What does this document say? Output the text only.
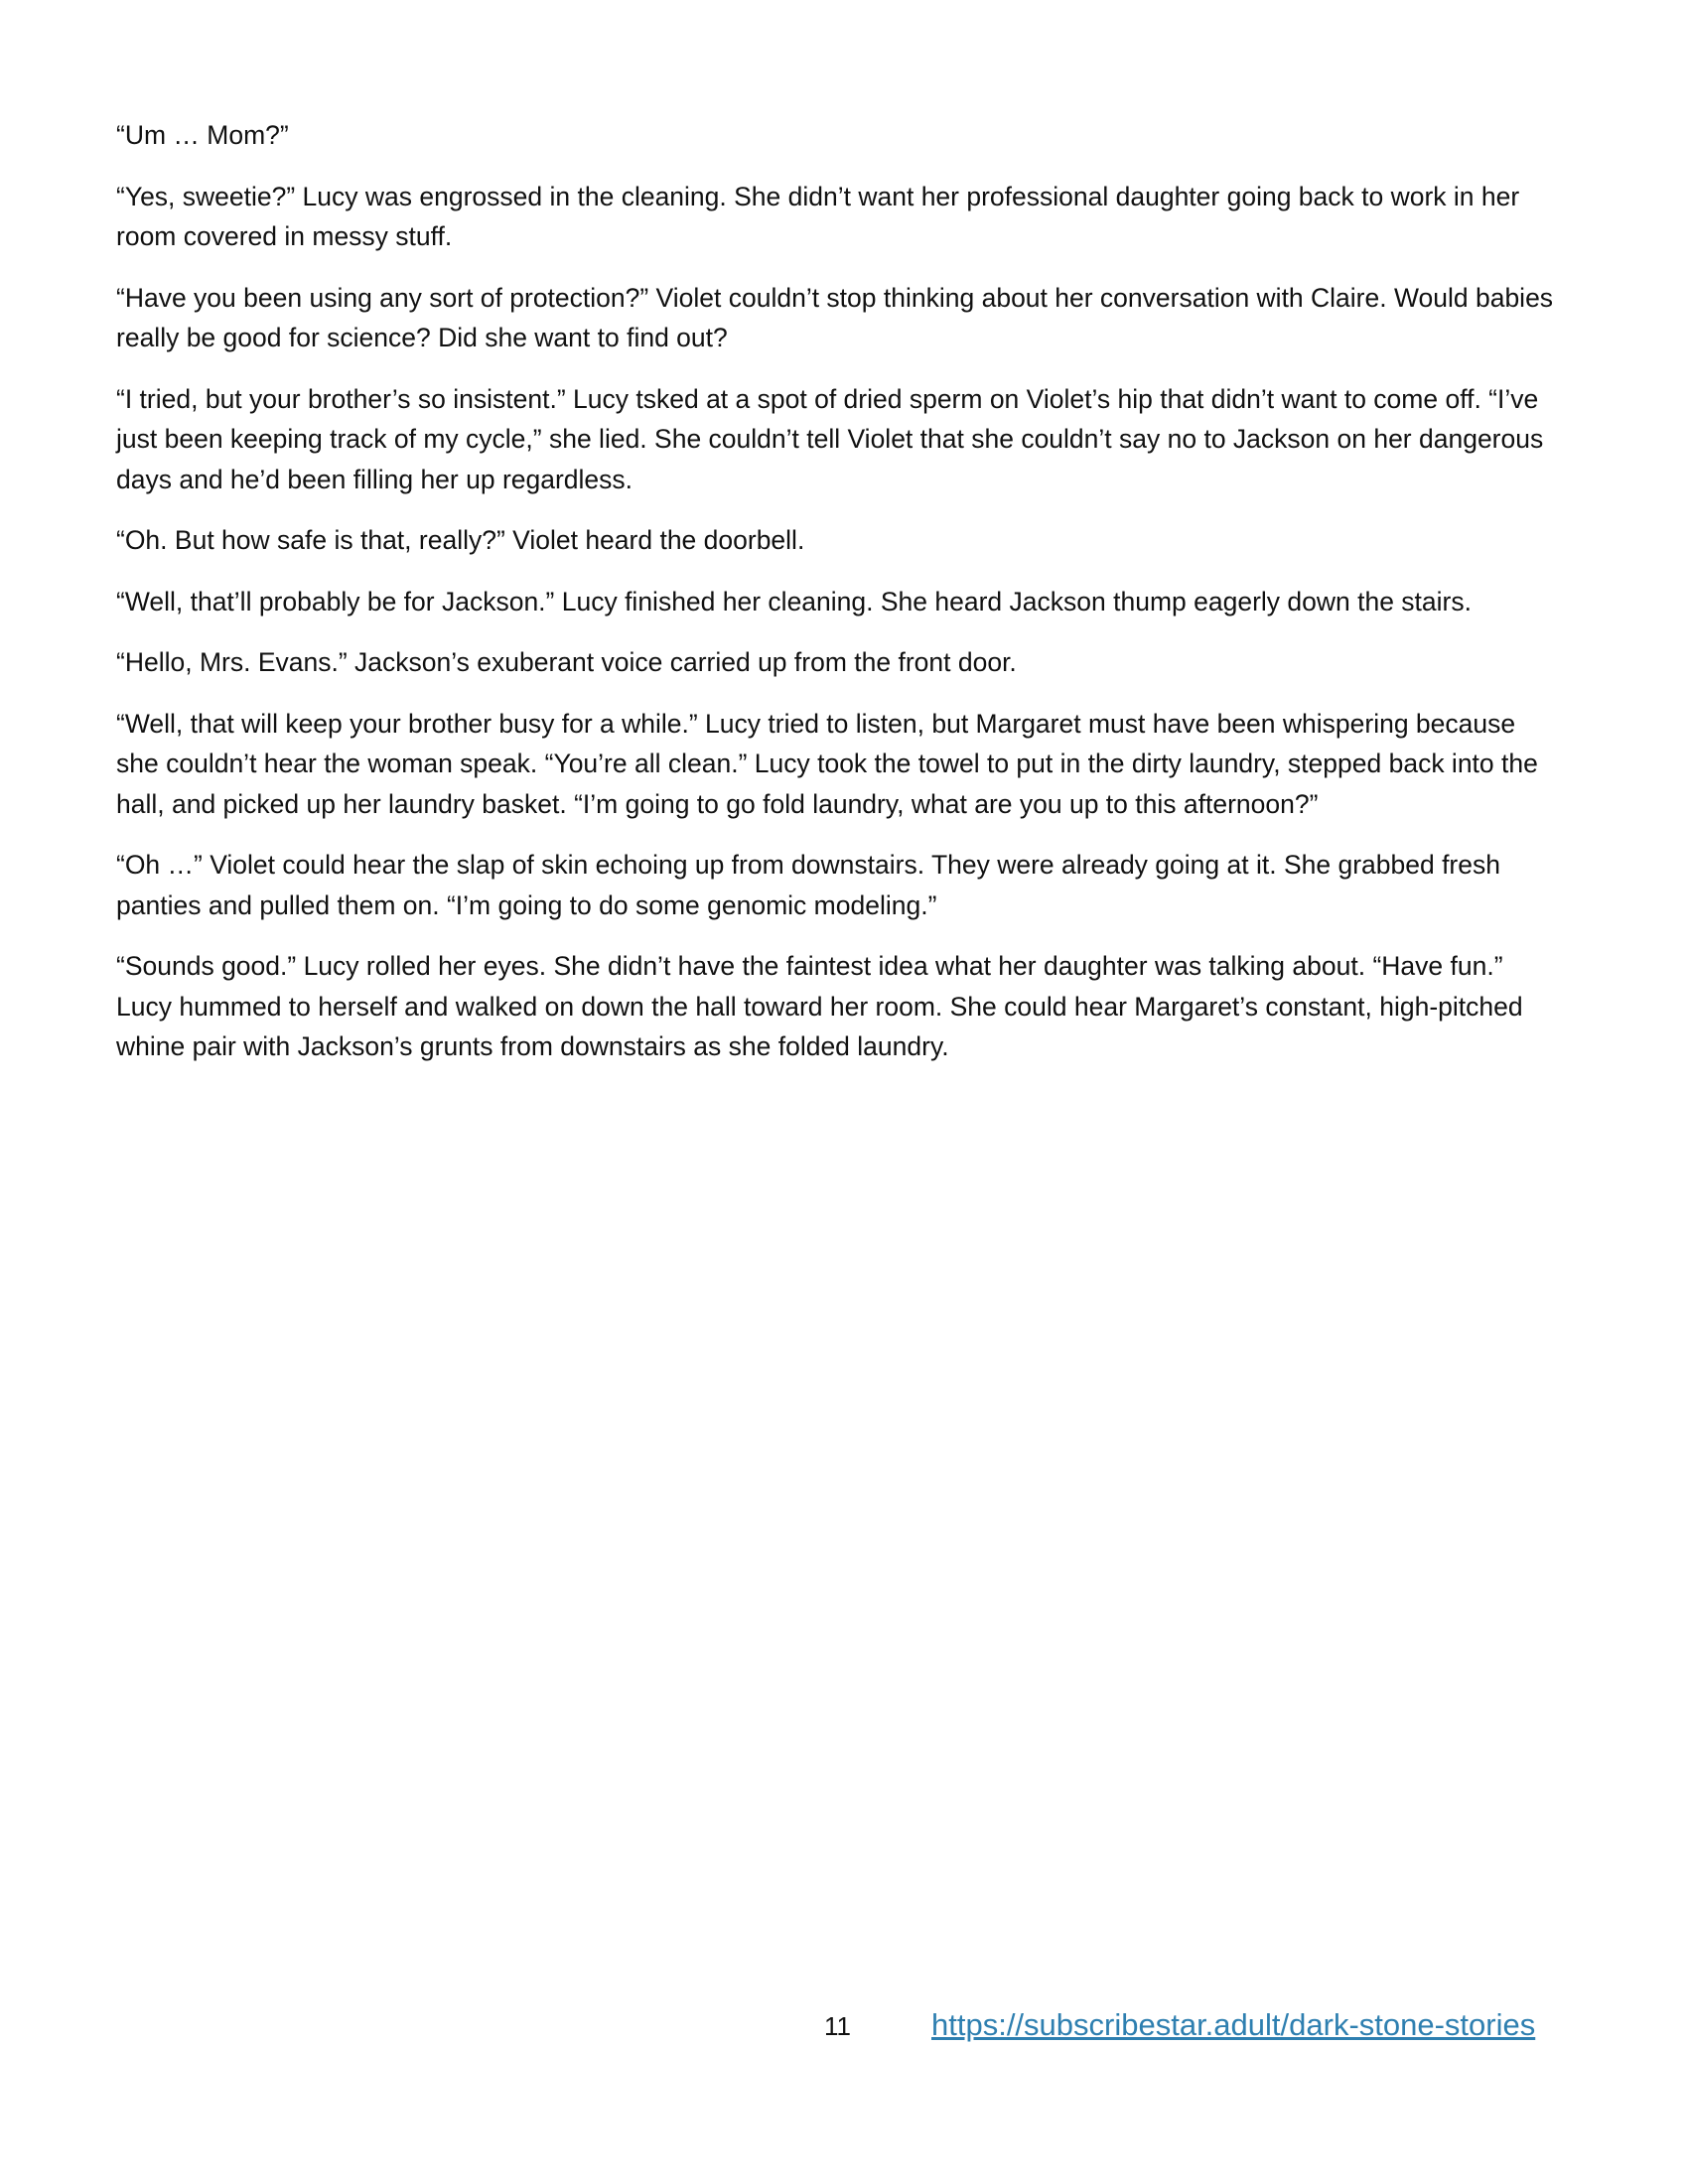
“Um … Mom?”

“Yes, sweetie?” Lucy was engrossed in the cleaning. She didn’t want her professional daughter going back to work in her room covered in messy stuff.

“Have you been using any sort of protection?” Violet couldn’t stop thinking about her conversation with Claire. Would babies really be good for science? Did she want to find out?

“I tried, but your brother’s so insistent.” Lucy tsked at a spot of dried sperm on Violet’s hip that didn’t want to come off. “I’ve just been keeping track of my cycle,” she lied. She couldn’t tell Violet that she couldn’t say no to Jackson on her dangerous days and he’d been filling her up regardless.

“Oh. But how safe is that, really?” Violet heard the doorbell.

“Well, that’ll probably be for Jackson.” Lucy finished her cleaning. She heard Jackson thump eagerly down the stairs.

“Hello, Mrs. Evans.” Jackson’s exuberant voice carried up from the front door.

“Well, that will keep your brother busy for a while.” Lucy tried to listen, but Margaret must have been whispering because she couldn’t hear the woman speak. “You’re all clean.” Lucy took the towel to put in the dirty laundry, stepped back into the hall, and picked up her laundry basket. “I’m going to go fold laundry, what are you up to this afternoon?”

“Oh …” Violet could hear the slap of skin echoing up from downstairs. They were already going at it. She grabbed fresh panties and pulled them on. “I’m going to do some genomic modeling.”

“Sounds good.” Lucy rolled her eyes. She didn’t have the faintest idea what her daughter was talking about. “Have fun.” Lucy hummed to herself and walked on down the hall toward her room. She could hear Margaret’s constant, high-pitched whine pair with Jackson’s grunts from downstairs as she folded laundry.

11	https://subscribestar.adult/dark-stone-stories
